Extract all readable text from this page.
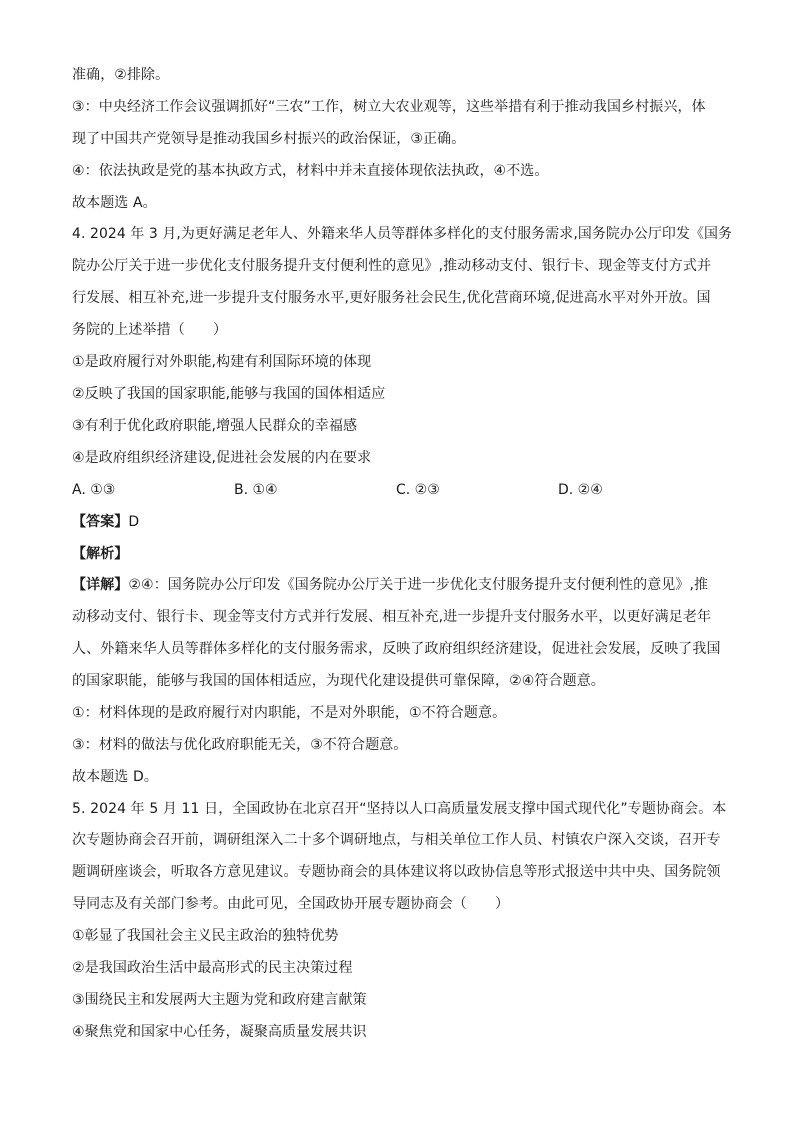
准确，②排除。
③：中央经济工作会议强调抓好“三农”工作，树立大农业观等，这些举措有利于推动我国乡村振兴，体
现了中国共产党领导是推动我国乡村振兴的政治保证，③正确。
④：依法执政是党的基本执政方式，材料中并未直接体现依法执政，④不选。
故本题选 A。
4. 2024 年 3 月,为更好满足老年人、外籍来华人员等群体多样化的支付服务需求,国务院办公厅印发《国务
院办公厅关于进一步优化支付服务提升支付便利性的意见》,推动移动支付、银行卡、现金等支付方式并
行发展、相互补充,进一步提升支付服务水平,更好服务社会民生,优化营商环境,促进高水平对外开放。国
务院的上述举措（　　）
①是政府履行对外职能,构建有利国际环境的体现
②反映了我国的国家职能,能够与我国的国体相适应
③有利于优化政府职能,增强人民群众的幸福感
④是政府组织经济建设,促进社会发展的内在要求
A. ①③	B. ①④	C. ②③	D. ②④
【答案】D
【解析】
【详解】②④：国务院办公厅印发《国务院办公厅关于进一步优化支付服务提升支付便利性的意见》,推
动移动支付、银行卡、现金等支付方式并行发展、相互补充,进一步提升支付服务水平，以更好满足老年
人、外籍来华人员等群体多样化的支付服务需求，反映了政府组织经济建设，促进社会发展，反映了我国
的国家职能，能够与我国的国体相适应，为现代化建设提供可靠保障，②④符合题意。
①：材料体现的是政府履行对内职能，不是对外职能，①不符合题意。
③：材料的做法与优化政府职能无关，③不符合题意。
故本题选 D。
5. 2024 年 5 月 11 日，全国政协在北京召开“坚持以人口高质量发展支撑中国式现代化”专题协商会。本
次专题协商会召开前，调研组深入二十多个调研地点，与相关单位工作人员、村镇农户深入交谈，召开专
题调研座谈会，听取各方意见建议。专题协商会的具体建议将以政协信息等形式报送中共中央、国务院领
导同志及有关部门参考。由此可见，全国政协开展专题协商会（　　）
①彰显了我国社会主义民主政治的独特优势
②是我国政治生活中最高形式的民主决策过程
③围绕民主和发展两大主题为党和政府建言献策
④聚焦党和国家中心任务，凝聚高质量发展共识
